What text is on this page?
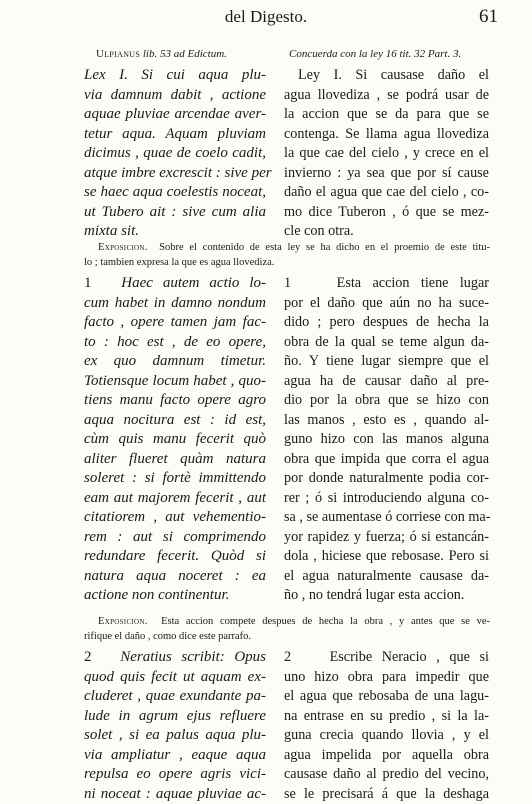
del Digesto.	61
Ulpianus lib. 53 ad Edictum.	Concuerda con la ley 16 tit. 32 Part. 3.
Lex I. Si cui aqua plu-
via damnum dabit , actione
aquae pluviae arcendae aver-
tetur aqua. Aquam pluviam
dicimus , quae de coelo cadit,
atque imbre excrescit : sive per
se haec aqua coelestis noceat,
ut Tubero ait : sive cum alia
mixta sit.
Ley I. Si causase daño el
agua llovediza , se podrá usar de
la accion que se da para que se
contenga. Se llama agua llovediza
la que cae del cielo , y crece en el
invierno : ya sea que por sí cause
daño el agua que cae del cielo , co-
mo dice Tuberon , ó que se mez-
cle con otra.
Exposicion. Sobre el contenido de esta ley se ha dicho en el proemio de este titu-
lo ; tambien expresa la que es agua llovediza.
1 Haec autem actio lo-
cum habet in damno nondum
facto , opere tamen jam fac-
to : hoc est , de eo opere,
ex quo damnum timetur.
Totiensque locum habet , quo-
tiens manu facto opere agro
aqua nocitura est : id est,
cùm quis manu fecerit quò
aliter flueret quàm natura
soleret : si fortè immittendo
eam aut majorem fecerit , aut
citatiorem , aut vehementio-
rem : aut si comprimendo
redundare fecerit. Quòd si
natura aqua noceret : ea
actione non continentur.
1	Esta accion tiene lugar
por el daño que aún no ha suce-
dido ; pero despues de hecha la
obra de la qual se teme algun da-
ño. Y tiene lugar siempre que el
agua ha de causar daño al pre-
dio por la obra que se hizo con
las manos , esto es , quando al-
guno hizo con las manos alguna
obra que impida que corra el agua
por donde naturalmente podia cor-
rer ; ó si introduciendo alguna co-
sa , se aumentase ó corriese con ma-
yor rapidez y fuerza; ó si estancán-
dola , hiciese que rebosase. Pero si
el agua naturalmente causase da-
ño , no tendrá lugar esta accion.
Exposicion. Esta accion compete despues de hecha la obra , y antes que se ve-
rifique el daño , como dice este parrafo.
2 Neratius scribit: Opus
quod quis fecit ut aquam ex-
cluderet , quae exundante pa-
lude in agrum ejus refluere
solet , si ea palus aqua plu-
via ampliatur , eaque aqua
repulsa eo opere agris vici-
ni noceat : aquae pluviae ac-
2	Escribe Neracio , que si
uno hizo obra para impedir que
el agua que rebosaba de una lagu-
na entrase en su predio , si la la-
guna crecia quando llovia , y el
agua impelida por aquella obra
causase daño al predio del vecino,
se le precisará á que la deshaga
